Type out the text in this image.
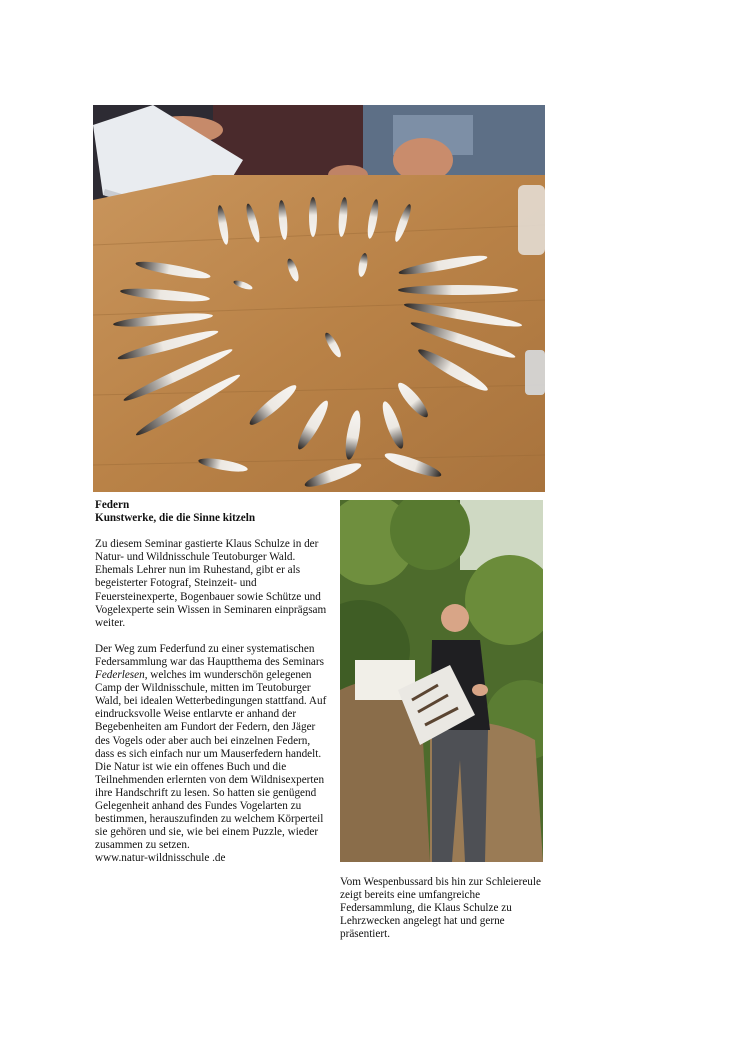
Federn

Kunstwerke, die die Sinne kitzeln

Zu diesem Seminar gastierte Klaus Schulze in der Natur- und Wildnisschule Teutoburger Wald. Ehemals Lehrer nun im Ruhestand, gibt er als begeisterter Fotograf, Steinzeit- und Feuersteinexperte, Bogenbauer sowie Schütze und Vogelexperte sein Wissen in Seminaren einprägsam weiter.

Der Weg zum Federfund zu einer systematischen Federsammlung war das Hauptthema des Seminars Federlesen, welches im wunderschön gelegenen Camp der Wildnisschule, mitten im Teutoburger Wald, bei idealen Wetterbedingungen stattfand. Auf eindrucksvolle Weise entlarvte er anhand der Begebenheiten am Fundort der Federn, den Jäger des Vogels oder aber auch bei einzelnen Federn, dass es sich einfach nur um Mauserfedern handelt.

Die Natur ist wie ein offenes Buch und die Teilnehmenden erlernten von dem Wildnisexperten ihre Handschrift zu lesen. So hatten sie genügend Gelegenheit anhand des Fundes Vogelarten zu bestimmen, herauszufinden zu welchem Körperteil sie gehören und sie, wie bei einem Puzzle, wieder zusammen zu setzen.

www.natur-wildnisschule .de

Vom Wespenbussard bis hin zur Schleiereule zeigt bereits eine umfangreiche Federsammlung, die Klaus Schulze zu Lehrzwecken angelegt hat und gerne präsentiert.
